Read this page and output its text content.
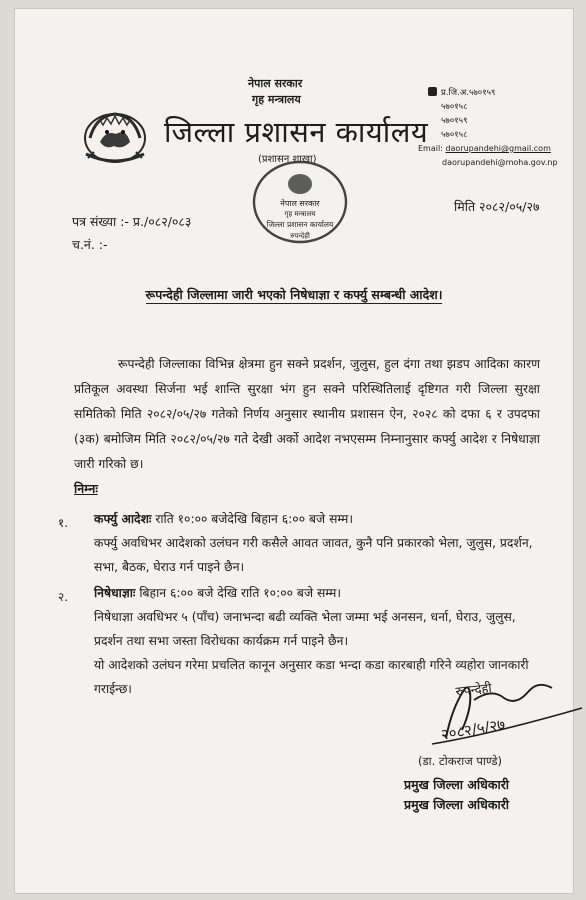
नेपाल सरकार
गृह मन्त्रालय
जिल्ला प्रशासन कार्यालय
(प्रशासन शाखा)
प्र.जि.अ.५७०१५९
५७०१५८
५७०१५९
५७०१५८
Email: daorupandehi@gmail.com
daorupandehi@moha.gov.np
नेपाल सरकार
गृह मन्त्रालय
जिल्ला प्रशासन कार्यालय
रुपन्देही
पत्र संख्या :- प्र./०८२/०८३
च.नं. :-
मिति २०८२/०५/२७
रूपन्देही जिल्लामा जारी भएको निषेधाज्ञा र कर्फ्यु सम्बन्धी आदेश।
रूपन्देही जिल्लाका विभिन्न क्षेत्रमा हुन सक्ने प्रदर्शन, जुलुस, हुल दंगा तथा झडप आदिका कारण प्रतिकूल अवस्था सिर्जना भई शान्ति सुरक्षा भंग हुन सक्ने परिस्थितिलाई दृष्टिगत गरी जिल्ला सुरक्षा समितिको मिति २०८२/०५/२७ गतेको निर्णय अनुसार स्थानीय प्रशासन ऐन, २०२८ को दफा ६ र उपदफा (३क) बमोजिम मिति २०८२/०५/२७ गते देखी अर्को आदेश नभएसम्म निम्नानुसार कर्फ्यु आदेश र निषेधाज्ञा जारी गरिको छ।
निम्नः
१. कर्फ्यु आदेशः राति १०:०० बजेदेखि बिहान ६:०० बजे सम्म।
कर्फ्यु अवधिभर आदेशको उलंघन गरी कसैले आवत जावत, कुनै पनि प्रकारको भेला, जुलुस, प्रदर्शन, सभा, बैठक, घेराउ गर्न पाइने छैन।
२. निषेधाज्ञाः बिहान ६:०० बजे देखि राति १०:०० बजे सम्म।
निषेधाज्ञा अवधिभर ५ (पाँच) जनाभन्दा बढी व्यक्ति भेला जम्मा भई अनसन, धर्ना, घेराउ, जुलुस, प्रदर्शन तथा सभा जस्ता विरोधका कार्यक्रम गर्न पाइने छैन।
यो आदेशको उलंघन गरेमा प्रचलित कानून अनुसार कडा भन्दा कडा कारबाही गरिने व्यहोरा जानकारी गराईन्छ।	रुपन्देही
२०८२/५/२७
(डा. टोकराज पाण्डे)
प्रमुख जिल्ला अधिकारी
प्रमुख जिल्ला अधिकारी
